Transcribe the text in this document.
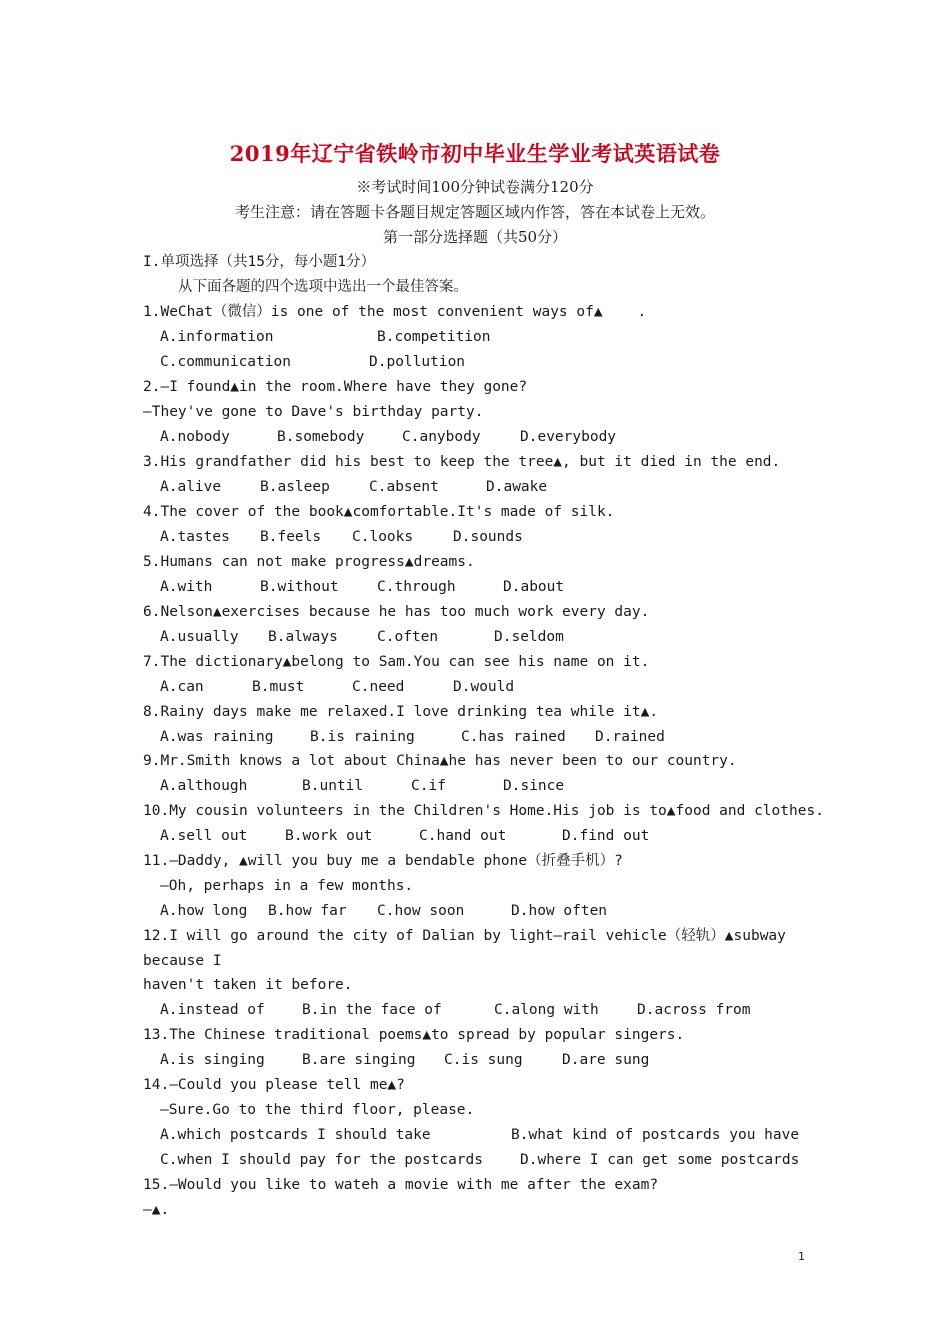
2019年辽宁省铁岭市初中毕业生学业考试英语试卷
※考试时间100分钟试卷满分120分
考生注意：请在答题卡各题目规定答题区域内作答，答在本试卷上无效。
第一部分选择题（共50分）
I.单项选择（共15分，每小题1分）
从下面各题的四个选项中选出一个最佳答案。
1.WeChat（微信）is one of the most convenient ways of▲    .
A.information	B.competition
C.communication	D.pollution
2.—I found▲in the room.Where have they gone?
—They've gone to Dave's birthday party.
A.nobody	B.somebody	C.anybody	D.everybody
3.His grandfather did his best to keep the tree▲, but it died in the end.
A.alive	B.asleep	C.absent	D.awake
4.The cover of the book▲comfortable.It's made of silk.
A.tastes B.feels C.looks	D.sounds
5.Humans can not make progress▲dreams.
A.with	B.without	C.through	D.about
6.Nelson▲exercises because he has too much work every day.
A.usually B.always	C.often	D.seldom
7.The dictionary▲belong to Sam.You can see his name on it.
A.can	B.must	C.need	D.would
8.Rainy days make me relaxed.I love drinking tea while it▲.
A.was raining	B.is raining	C.has rained D.rained
9.Mr.Smith knows a lot about China▲he has never been to our country.
A.although	B.until	C.if	D.since
10.My cousin volunteers in the Children's Home.His job is to▲food and clothes.
A.sell out	B.work out	C.hand out	D.find out
11.—Daddy, ▲will you buy me a bendable phone（折叠手机）?
—Oh, perhaps in a few months.
A.how long B.how far C.how soon	D.how often
12.I will go around the city of Dalian by light—rail vehicle（轻轨）▲subway
because I
haven't taken it before.
A.instead of	B.in the face of	C.along with	D.across from
13.The Chinese traditional poems▲to spread by popular singers.
A.is singing	B.are singing C.is sung	D.are sung
14.—Could you please tell me▲?
—Sure.Go to the third floor, please.
A.which postcards I should take	B.what kind of postcards you have
C.when I should pay for the postcards	D.where I can get some postcards
15.—Would you like to wateh a movie with me after the exam?
—▲.
1
